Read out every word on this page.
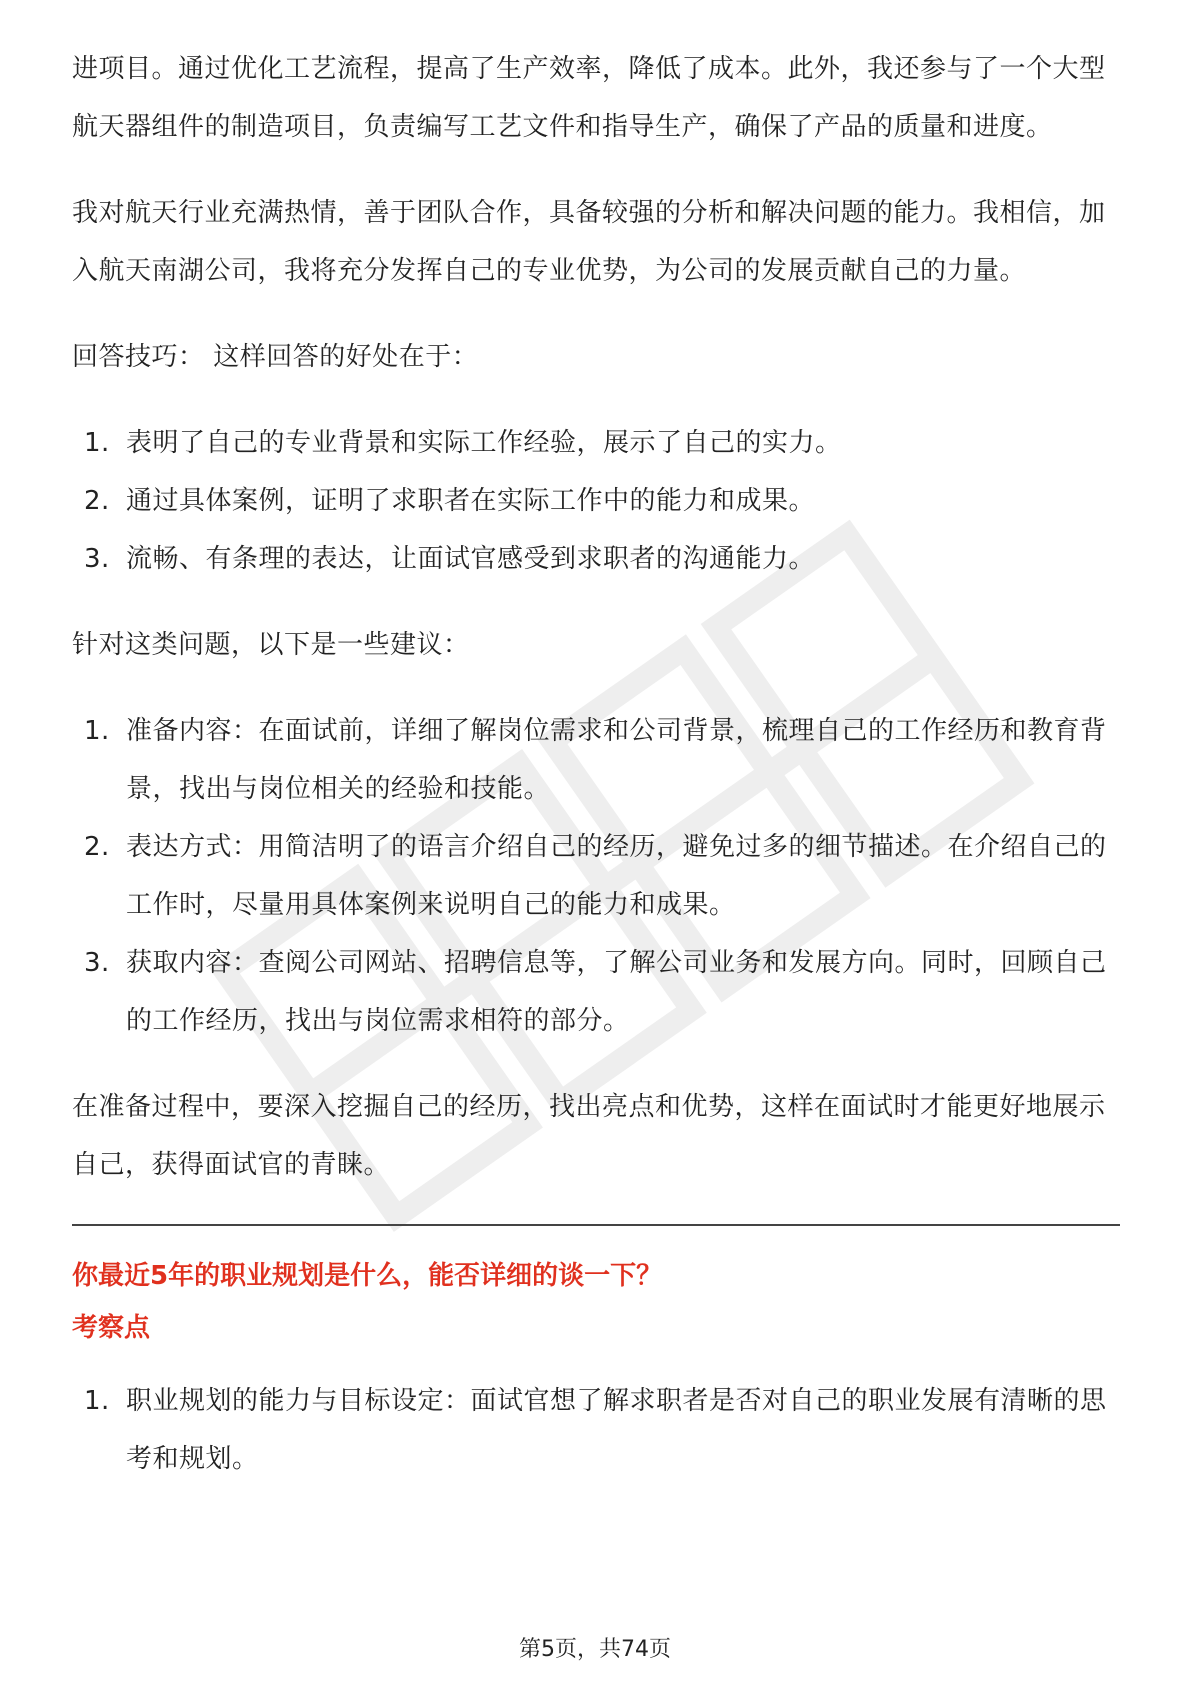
进项目。通过优化工艺流程，提高了生产效率，降低了成本。此外，我还参与了一个大型航天器组件的制造项目，负责编写工艺文件和指导生产，确保了产品的质量和进度。

我对航天行业充满热情，善于团队合作，具备较强的分析和解决问题的能力。我相信，加入航天南湖公司，我将充分发挥自己的专业优势，为公司的发展贡献自己的力量。

回答技巧： 这样回答的好处在于：

1. 表明了自己的专业背景和实际工作经验，展示了自己的实力。
2. 通过具体案例，证明了求职者在实际工作中的能力和成果。
3. 流畅、有条理的表达，让面试官感受到求职者的沟通能力。

针对这类问题，以下是一些建议：

1. 准备内容：在面试前，详细了解岗位需求和公司背景，梳理自己的工作经历和教育背景，找出与岗位相关的经验和技能。
2. 表达方式：用简洁明了的语言介绍自己的经历，避免过多的细节描述。在介绍自己的工作时，尽量用具体案例来说明自己的能力和成果。
3. 获取内容：查阅公司网站、招聘信息等，了解公司业务和发展方向。同时，回顾自己的工作经历，找出与岗位需求相符的部分。

在准备过程中，要深入挖掘自己的经历，找出亮点和优势，这样在面试时才能更好地展示自己，获得面试官的青睐。

你最近5年的职业规划是什么，能否详细的谈一下？

考察点

1. 职业规划的能力与目标设定：面试官想了解求职者是否对自己的职业发展有清晰的思考和规划。
第5页，共74页
